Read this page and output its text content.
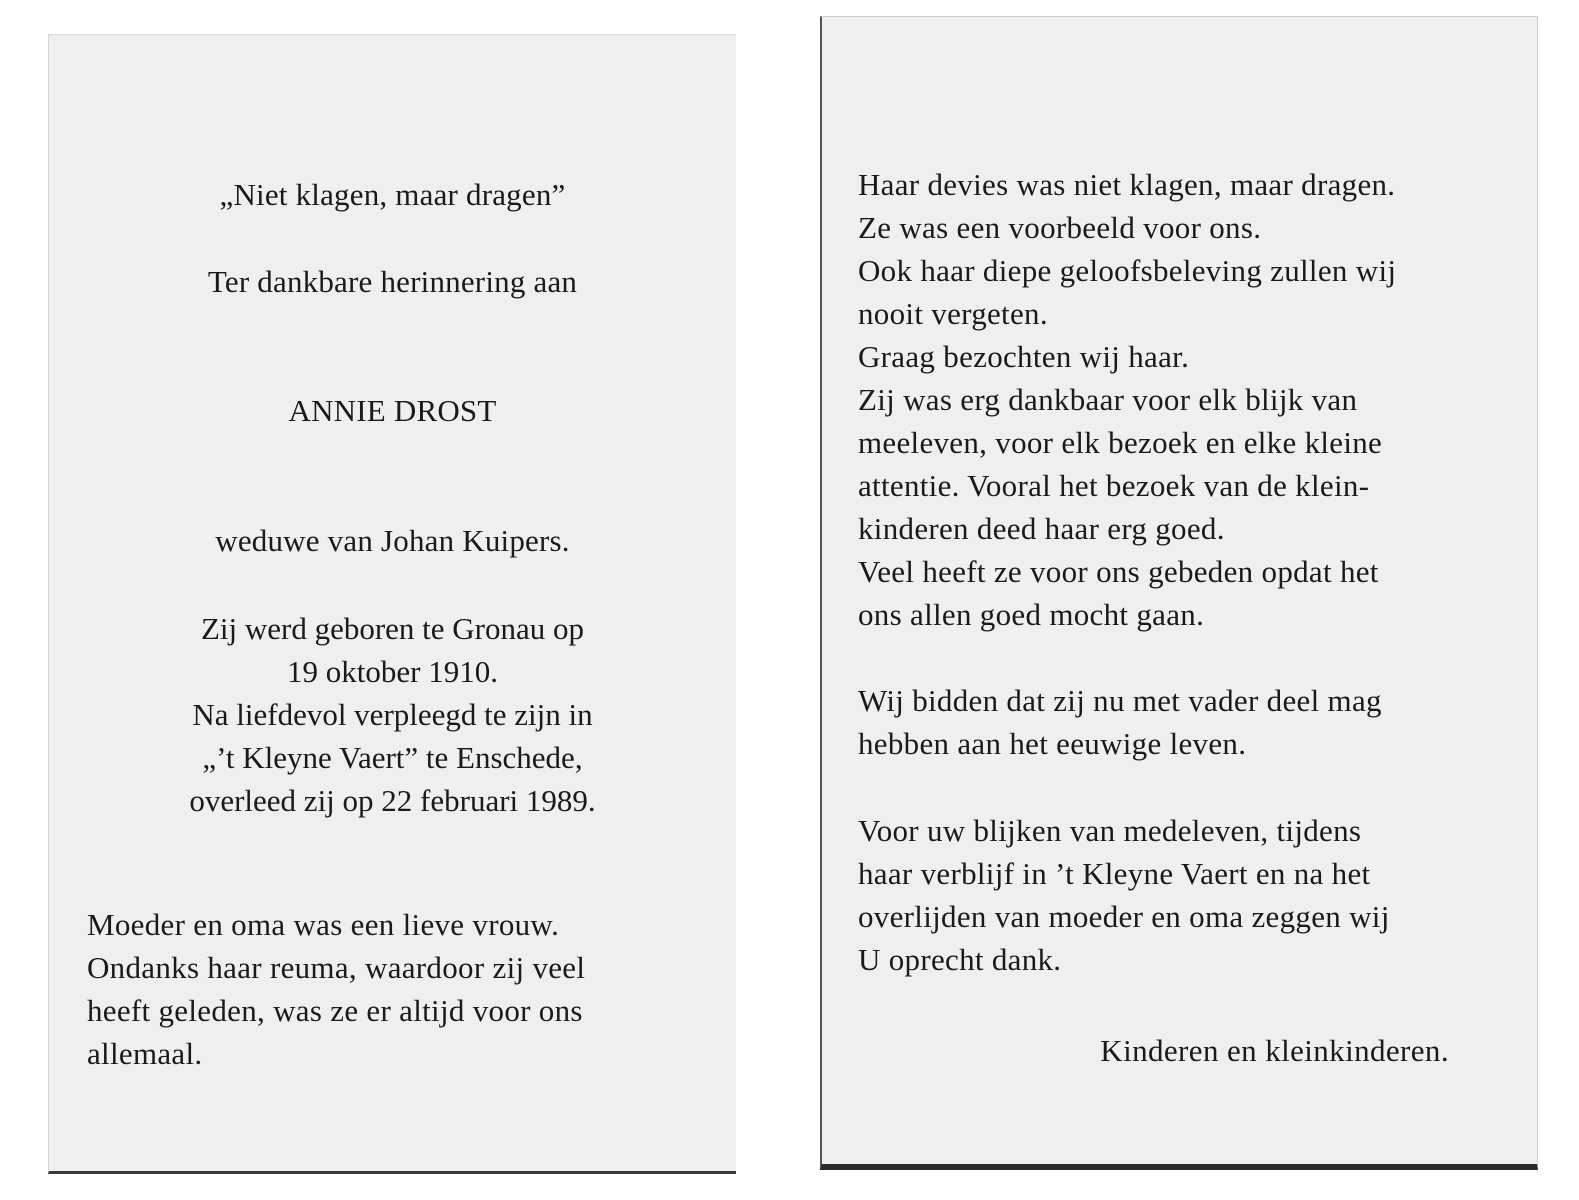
„Niet klagen, maar dragen”
Ter dankbare herinnering aan
ANNIE DROST
weduwe van Johan Kuipers.
Zij werd geboren te Gronau op
19 oktober 1910.
Na liefdevol verpleegd te zijn in
„’t Kleyne Vaert” te Enschede,
overleed zij op 22 februari 1989.
Moeder en oma was een lieve vrouw.
Ondanks haar reuma, waardoor zij veel
heeft geleden, was ze er altijd voor ons
allemaal.
Haar devies was niet klagen, maar dragen.
Ze was een voorbeeld voor ons.
Ook haar diepe geloofsbeleving zullen wij
nooit vergeten.
Graag bezochten wij haar.
Zij was erg dankbaar voor elk blijk van
meeleven, voor elk bezoek en elke kleine
attentie. Vooral het bezoek van de klein-
kinderen deed haar erg goed.
Veel heeft ze voor ons gebeden opdat het
ons allen goed mocht gaan.
Wij bidden dat zij nu met vader deel mag
hebben aan het eeuwige leven.
Voor uw blijken van medeleven, tijdens
haar verblijf in ’t Kleyne Vaert en na het
overlijden van moeder en oma zeggen wij
U oprecht dank.
Kinderen en kleinkinderen.
